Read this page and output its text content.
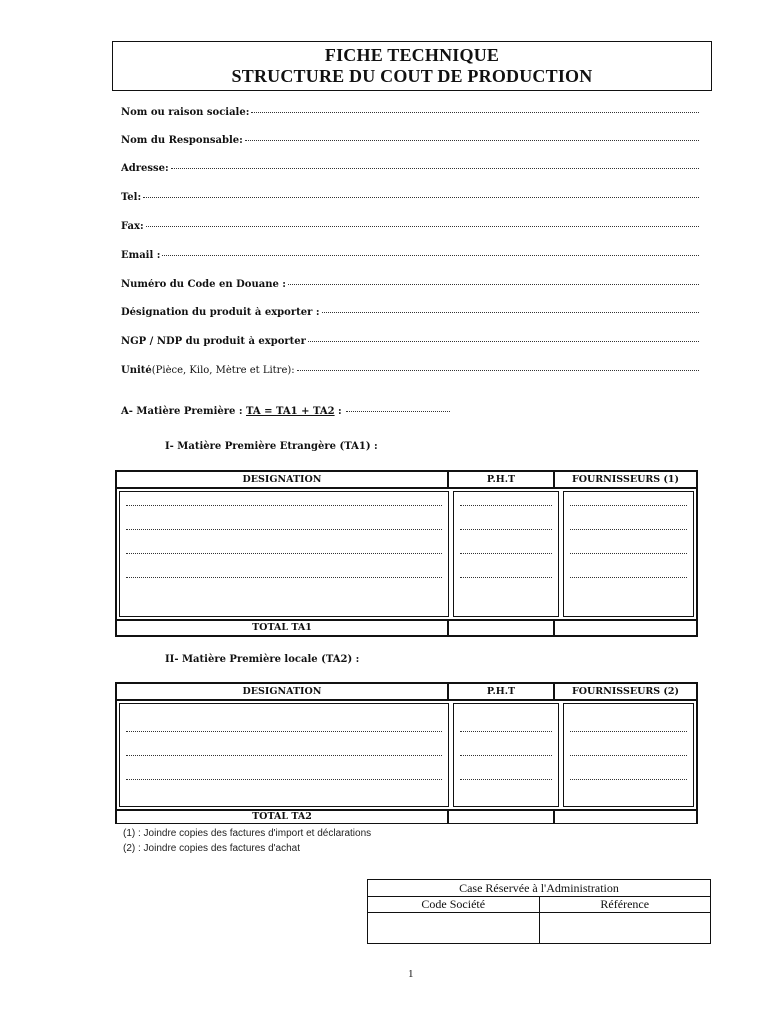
FICHE TECHNIQUE
STRUCTURE DU COUT DE PRODUCTION
Nom ou raison sociale:
Nom du Responsable:
Adresse:
Tel:
Fax:
Email :
Numéro du Code en Douane :
Désignation du produit à exporter :
NGP / NDP du produit à exporter
Unité(Pièce, Kilo, Mètre et Litre):
A- Matière Première : TA = TA1 + TA2 :
I- Matière Première Etrangère (TA1) :
DESIGNATION	P.H.T	FOURNISSEURS (1)
TOTAL TA1
II- Matière Première locale (TA2) :
DESIGNATION	P.H.T	FOURNISSEURS (2)
TOTAL TA2
(1) : Joindre copies des factures d'import et déclarations
(2) : Joindre copies des factures d'achat
Case Réservée à l'Administration
Code Société	Référence
1
